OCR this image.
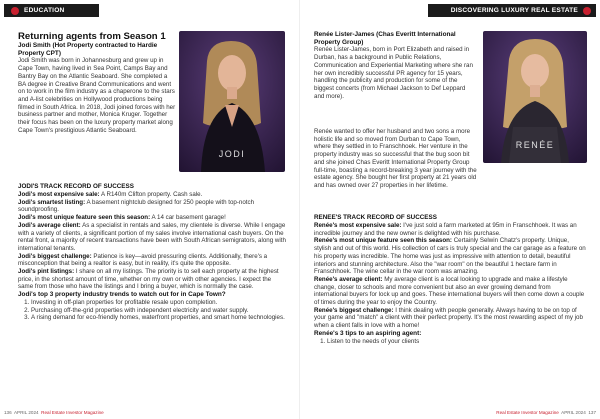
EDUCATION
Returning agents from Season 1
Jodi Smith (Hot Property contracted to Hardie Property CPT)

Jodi Smith was born in Johannesburg and grew up in Cape Town, having lived in Sea Point, Camps Bay and Bantry Bay on the Atlantic Seaboard. She completed a BA degree in Creative Brand Communications and went on to work in the film industry as a chaperone to the stars and A-list celebrities on Hollywood productions being filmed in South Africa. In 2018, Jodi joined forces with her business partner and mother, Monica Kruger. Together their focus has been on the luxury property market along Cape Town's prestigious Atlantic Seaboard.

JODI
JODI'S TRACK RECORD OF SUCCESS
Jodi's most expensive sale: A R140m Clifton property. Cash sale.
Jodi's smartest listing: A basement nightclub designed for 250 people with top-notch soundproofing.
Jodi's most unique feature seen this season: A 14 car basement garage!
Jodi's average client: As a specialist in rentals and sales, my clientele is diverse. While I engage with a variety of clients, a significant portion of my sales involve international cash buyers. On the rental front, a majority of recent transactions have been with South African semigrators, along with international tenants.
Jodi's biggest challenge: Patience is key—avoid pressuring clients. Additionally, there's a misconception that being a realtor is easy, but in reality, it's quite the opposite.
Jodi's pint listings: I share on all my listings. The priority is to sell each property at the highest price, in the shortest amount of time, whether on my own or with other agencies. I expect the same from those who have the listings and I bring a buyer, which is normally the case.
Jodi's top 3 property industry trends to watch out for in Cape Town?
1. Investing in off-plan properties for profitable resale upon completion.
2. Purchasing off-the-grid properties with independent electricity and water supply.
3. A rising demand for eco-friendly homes, waterfront properties, and smart home technologies.
136 APRIL 2024 Real Estate Investor Magazine
DISCOVERING LUXURY REAL ESTATE
Renée Lister-James (Chas Everitt International Property Group)

Renée Lister-James, born in Port Elizabeth and raised in Durban, has a background in Public Relations, Communication and Experiential Marketing where she ran her own incredibly successful PR agency for 15 years, handling the publicity and production for some of the biggest concerts (from Michael Jackson to Def Leppard and more).

RENÉE

Renée wanted to offer her husband and two sons a more holistic life and so moved from Durban to Cape Town, where they settled in to Franschhoek. Her venture in the property industry was so successful that the bug soon bit and she joined Chas Everitt International Property Group full-time, boasting a record-breaking 3 year journey with the estate agency. She bought her first property at 21 years old and has owned over 27 properties in her lifetime.

RENEE'S TRACK RECORD OF SUCCESS
Renée's most expensive sale: I've just sold a farm marketed at 95m in Franschhoek. It was an incredible journey and the new owner is delighted with his purchase.
Renée's most unique feature seen this season: Certainly Selwin Chatz's property. Unique, stylish and out of this world. His collection of cars is truly special and the car garage as a feature on his property was incredible. The home was just as impressive with attention to detail, beautiful interiors and stunning architecture. Also the "war room" on the beautiful 1 hectare farm in Franschhoek. The wine cellar in the war room was amazing.
Renée's average client: My average client is a local looking to upgrade and make a lifestyle change, closer to schools and more convenient but also an ever growing demand from international buyers for lock up and goes. These international buyers will then come down a couple of times during the year to enjoy the Country.
Renée's biggest challenge: I think dealing with people generally. Always having to be on top of your game and "match" a client with their perfect property. It's the most rewarding aspect of my job when a client falls in love with a home!
Renée's 3 tips to an aspiring agent:
1. Listen to the needs of your clients
Real Estate Investor Magazine APRIL 2024 137
